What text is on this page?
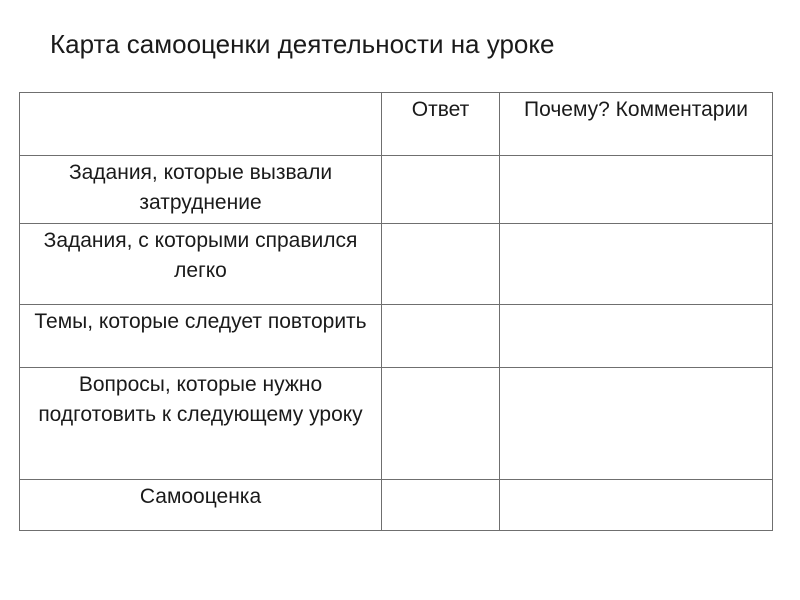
Карта самооценки деятельности на уроке

	Ответ	Почему? Комментарии

Задания, которые вызвали затруднение		

Задания, с которыми справился легко		

Темы, которые следует повторить		

Вопросы, которые нужно подготовить к следующему уроку		

Самооценка		
